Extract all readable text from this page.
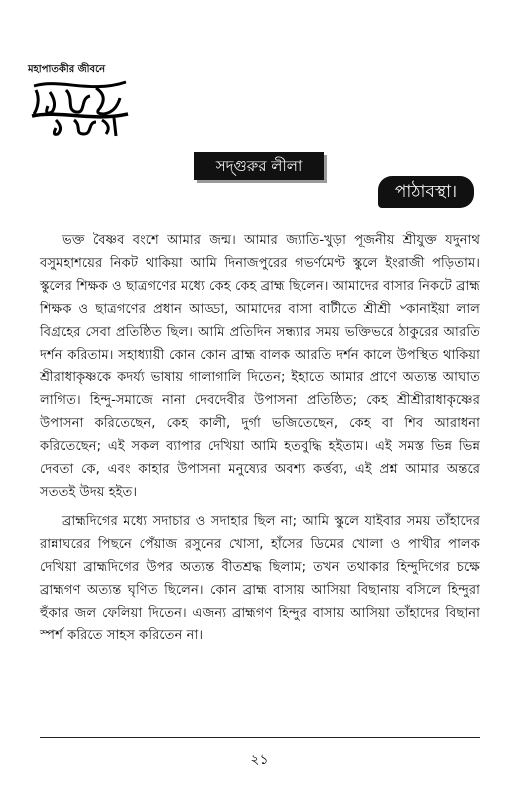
মহাপাতকীর জীবনে
সদ্গুরুর লীলা
পাঠাবস্থা।

ভক্ত বৈষ্ণব বংশে আমার জন্ম। আমার জ্যাতি-খুড়া পূজনীয় শ্রীযুক্ত যদুনাথ বসুমহাশয়ের নিকট থাকিয়া আমি দিনাজপুরের গভর্ণমেণ্ট স্কুলে ইংরাজী পড়িতাম। স্কুলের শিক্ষক ও ছাত্রগণের মধ্যে কেহ কেহ ব্রাহ্ম ছিলেন। আমাদের বাসার নিকটে ব্রাহ্ম শিক্ষক ও ছাত্রগণের প্রধান আড্ডা, আমাদের বাসা বাটীতে শ্রীশ্রী ৺কানাইয়া লাল বিগ্রহের সেবা প্রতিষ্ঠিত ছিল। আমি প্রতিদিন সন্ধ্যার সময় ভক্তিভরে ঠাকুরের আরতি দর্শন করিতাম। সহাধ্যায়ী কোন কোন ব্রাহ্ম বালক আরতি দর্শন কালে উপস্থিত থাকিয়া শ্রীরাধাকৃষ্ণকে কদর্য্য ভাষায় গালাগালি দিতেন; ইহাতে আমার প্রাণে অত্যন্ত আঘাত লাগিত। হিন্দু-সমাজে নানা দেবদেবীর উপাসনা প্রতিষ্ঠিত; কেহ শ্রীশ্রীরাধাকৃষ্ণের উপাসনা করিতেছেন, কেহ কালী, দুর্গা ভজিতেছেন, কেহ বা শিব আরাধনা করিতেছেন; এই সকল ব্যাপার দেখিয়া আমি হতবুদ্ধি হইতাম। এই সমস্ত ভিন্ন ভিন্ন দেবতা কে, এবং কাহার উপাসনা মনুষ্যের অবশ্য কর্ত্তব্য, এই প্রশ্ন আমার অন্তরে সততই উদয় হইত।

ব্রাহ্মদিগের মধ্যে সদাচার ও সদাহার ছিল না; আমি স্কুলে যাইবার সময় তাঁহাদের রান্নাঘরের পিছনে পেঁয়াজ রসুনের খোসা, হাঁসের ডিমের খোলা ও পাখীর পালক দেখিয়া ব্রাহ্মদিগের উপর অত্যন্ত বীতশ্রদ্ধ ছিলাম; তখন তথাকার হিন্দুদিগের চক্ষে ব্রাহ্মগণ অত্যন্ত ঘৃণিত ছিলেন। কোন ব্রাহ্ম বাসায় আসিয়া বিছানায় বসিলে হিন্দুরা হুঁকার জল ফেলিয়া দিতেন। এজন্য ব্রাহ্মগণ হিন্দুর বাসায় আসিয়া তাঁহাদের বিছানা স্পর্শ করিতে সাহস করিতেন না।

২১
